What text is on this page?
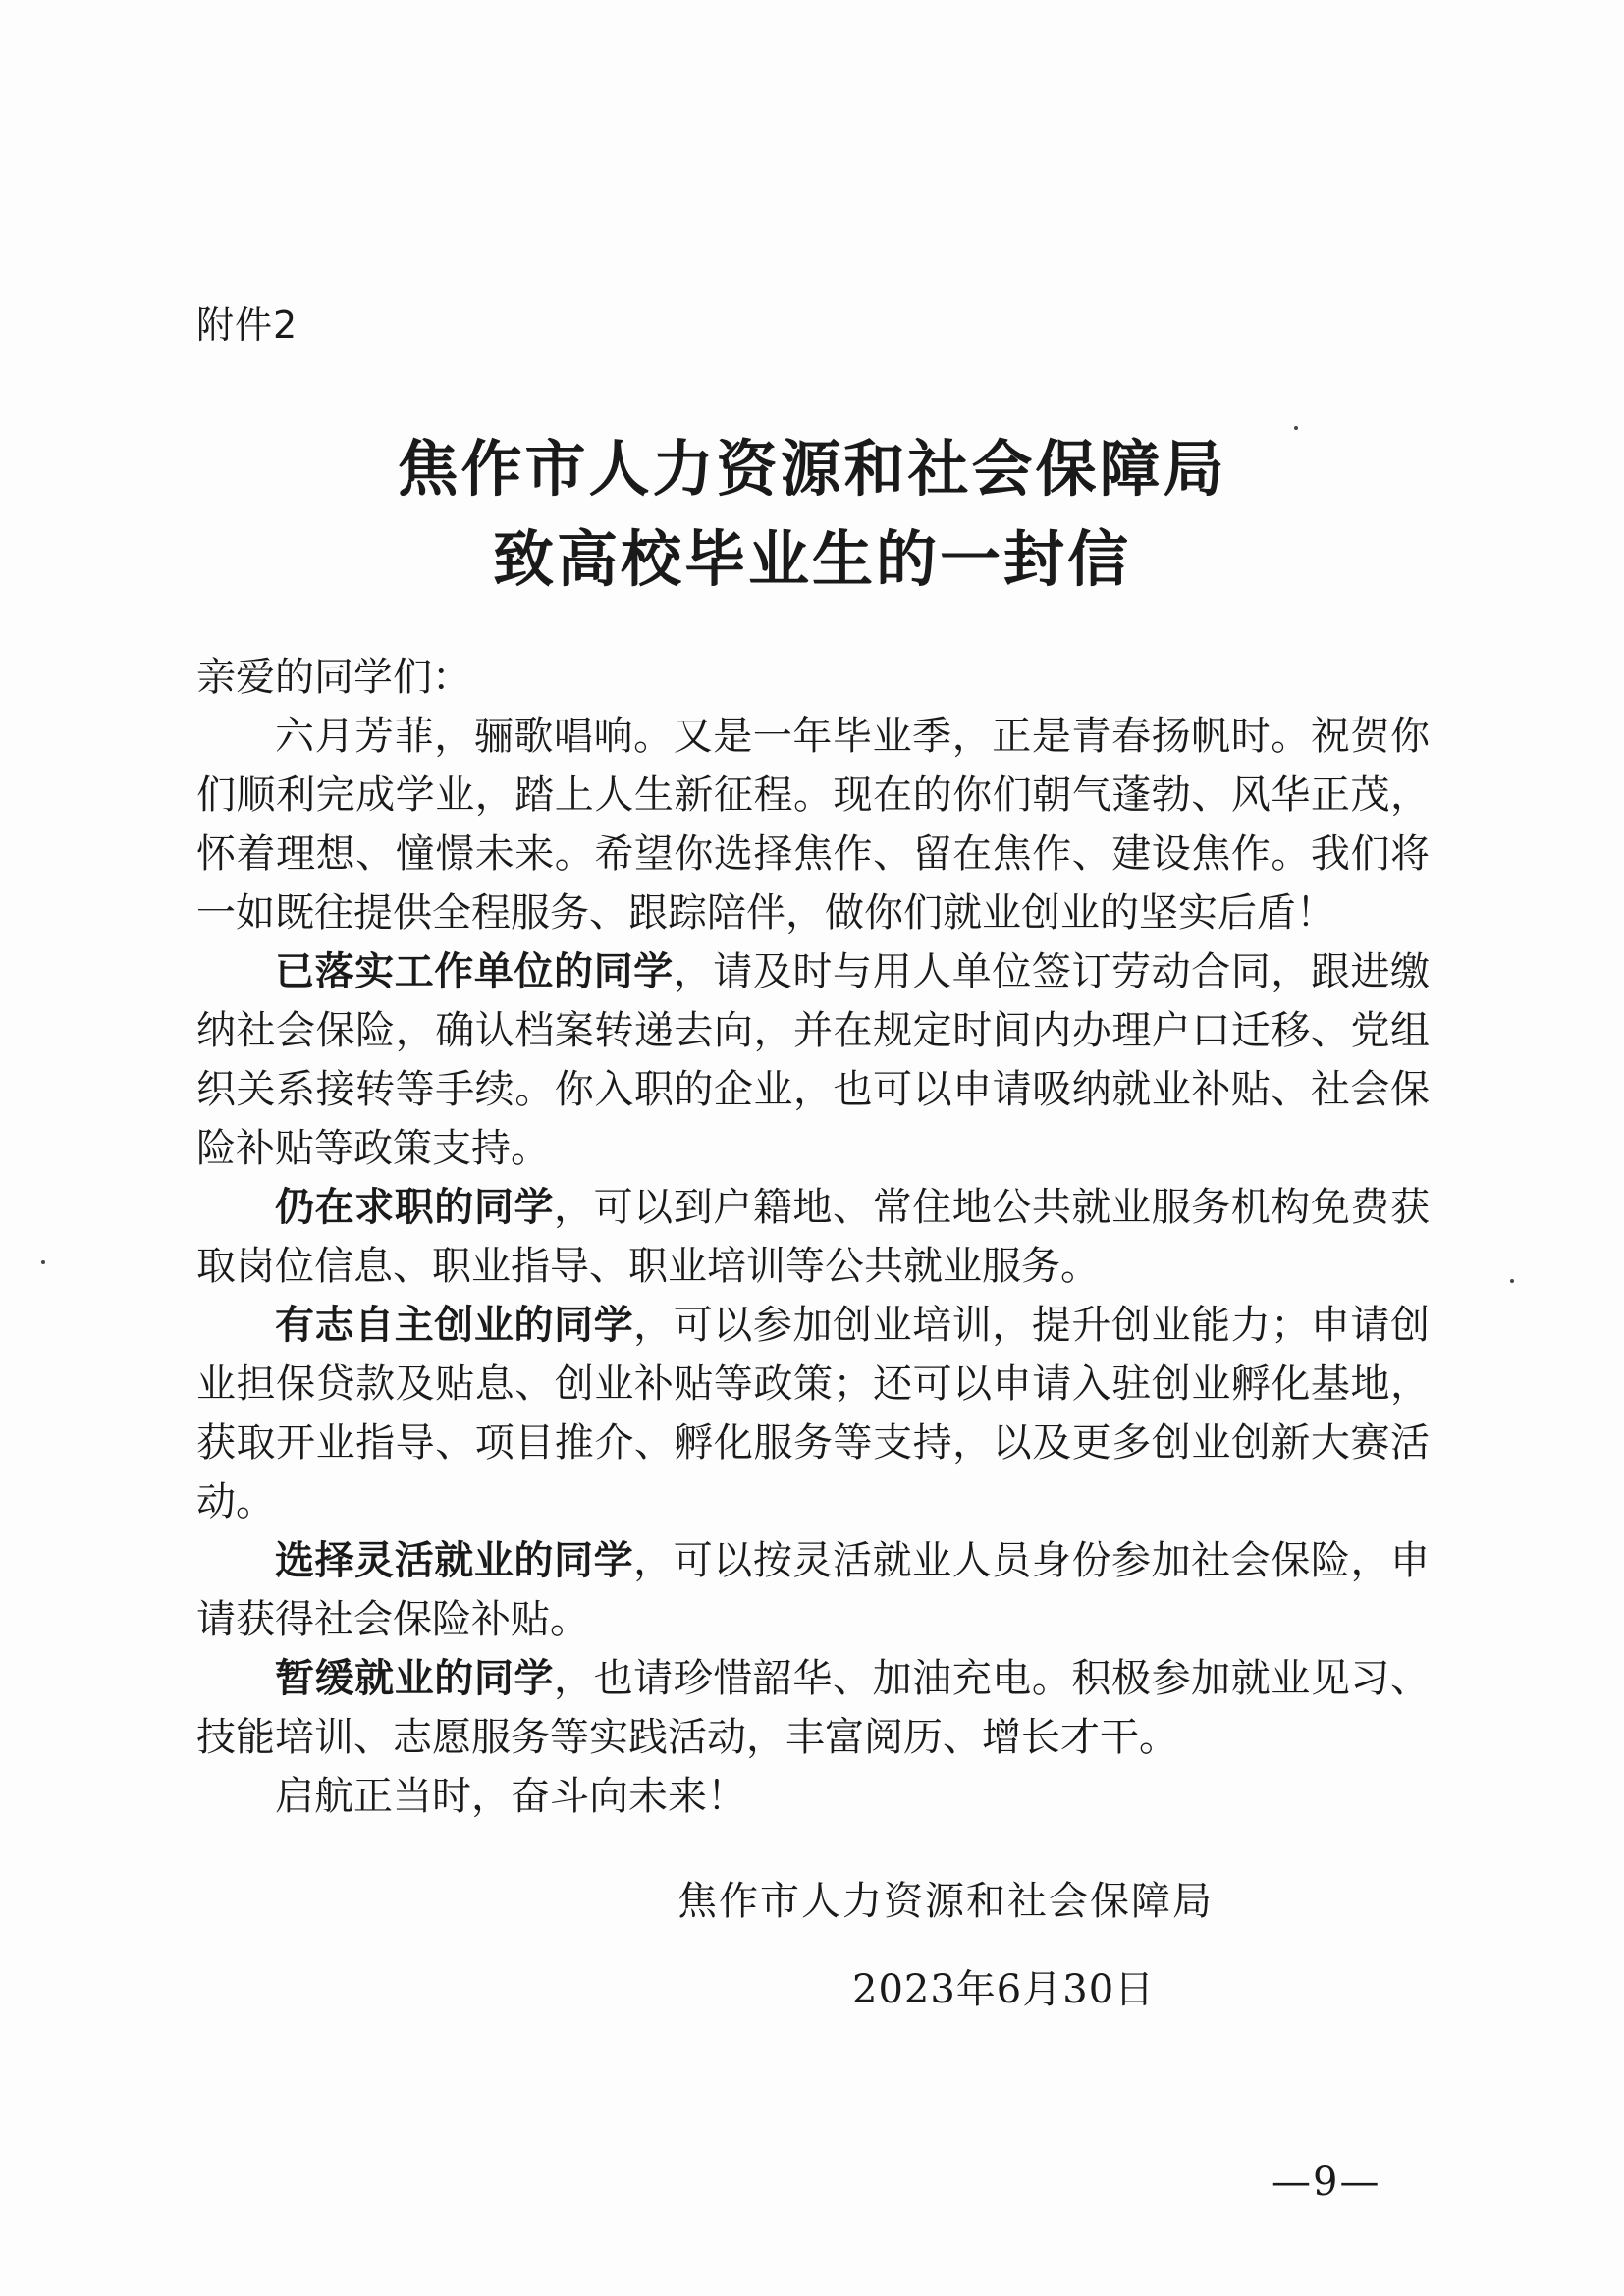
附件2
焦作市人力资源和社会保障局
致高校毕业生的一封信

亲爱的同学们：

六月芳菲，骊歌唱响。又是一年毕业季，正是青春扬帆时。祝贺你们顺利完成学业，踏上人生新征程。现在的你们朝气蓬勃、风华正茂，怀着理想、憧憬未来。希望你选择焦作、留在焦作、建设焦作。我们将一如既往提供全程服务、跟踪陪伴，做你们就业创业的坚实后盾！

已落实工作单位的同学，请及时与用人单位签订劳动合同，跟进缴纳社会保险，确认档案转递去向，并在规定时间内办理户口迁移、党组织关系接转等手续。你入职的企业，也可以申请吸纳就业补贴、社会保险补贴等政策支持。

仍在求职的同学，可以到户籍地、常住地公共就业服务机构免费获取岗位信息、职业指导、职业培训等公共就业服务。

有志自主创业的同学，可以参加创业培训，提升创业能力；申请创业担保贷款及贴息、创业补贴等政策；还可以申请入驻创业孵化基地，获取开业指导、项目推介、孵化服务等支持，以及更多创业创新大赛活动。

选择灵活就业的同学，可以按灵活就业人员身份参加社会保险，申请获得社会保险补贴。

暂缓就业的同学，也请珍惜韶华、加油充电。积极参加就业见习、技能培训、志愿服务等实践活动，丰富阅历、增长才干。

启航正当时，奋斗向未来！

焦作市人力资源和社会保障局
2023年6月30日
—9—
